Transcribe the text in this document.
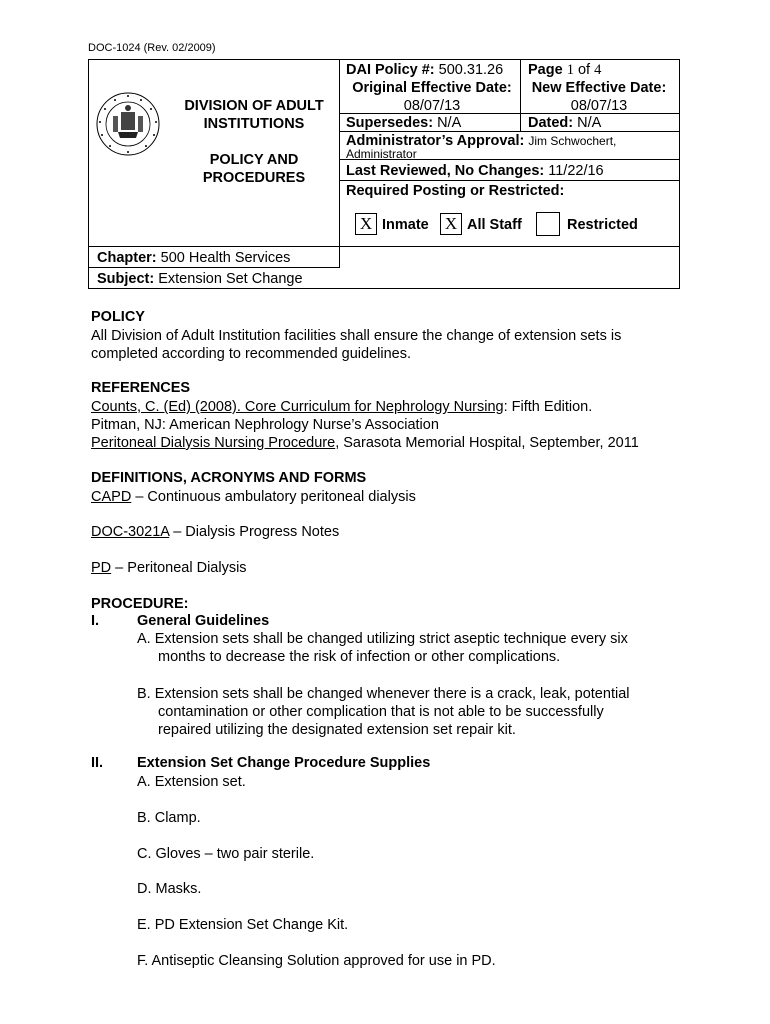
DOC-1024 (Rev. 02/2009)
DIVISION OF ADULT
INSTITUTIONS
POLICY AND
PROCEDURES
DAI Policy #: 500.31.26 Page 1 of 4
Original Effective Date:
08/07/13
New Effective Date:
08/07/13
Supersedes: N/A	Dated: N/A
Administrator’s Approval: Jim Schwochert,
Administrator
Last Reviewed, No Changes: 11/22/16
Required Posting or Restricted:
X Inmate X All Staff	Restricted
Chapter: 500 Health Services
Subject: Extension Set Change
POLICY
All Division of Adult Institution facilities shall ensure the change of extension sets is
completed according to recommended guidelines.
REFERENCES
Counts, C. (Ed) (2008). Core Curriculum for Nephrology Nursing: Fifth Edition.
Pitman, NJ: American Nephrology Nurse’s Association
Peritoneal Dialysis Nursing Procedure, Sarasota Memorial Hospital, September, 2011
DEFINITIONS, ACRONYMS AND FORMS
CAPD – Continuous ambulatory peritoneal dialysis
DOC-3021A – Dialysis Progress Notes
PD – Peritoneal Dialysis
PROCEDURE:
I.	General Guidelines
A. Extension sets shall be changed utilizing strict aseptic technique every six
months to decrease the risk of infection or other complications.
B. Extension sets shall be changed whenever there is a crack, leak, potential
contamination or other complication that is not able to be successfully
repaired utilizing the designated extension set repair kit.
II. Extension Set Change Procedure Supplies
A. Extension set.
B. Clamp.
C. Gloves – two pair sterile.
D. Masks.
E. PD Extension Set Change Kit.
F. Antiseptic Cleansing Solution approved for use in PD.
